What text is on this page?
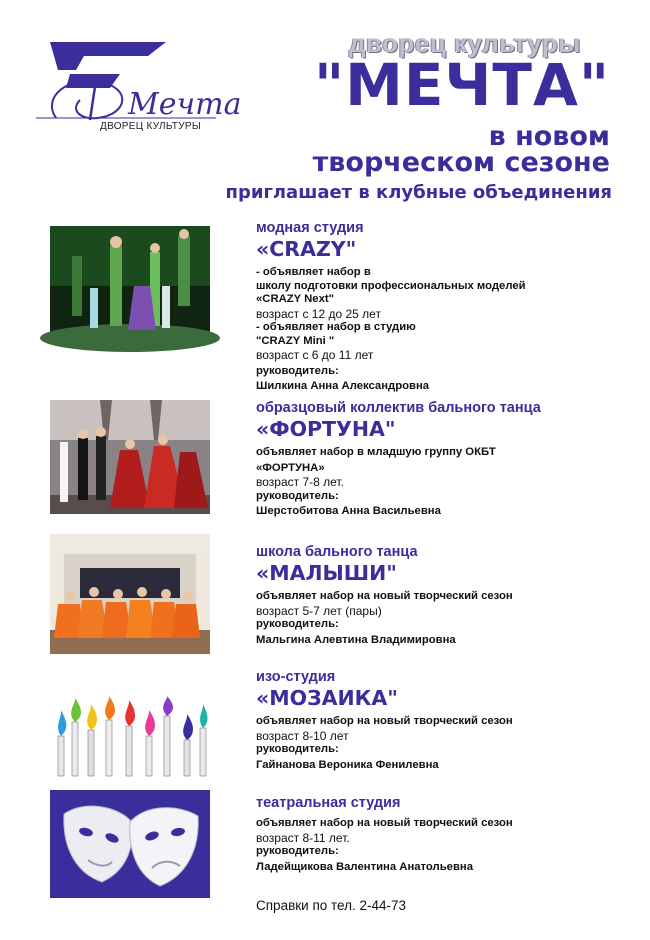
Мечта
ДВОРЕЦ КУЛЬТУРЫ
дворец культуры
"МЕЧТА"
в новом
творческом сезоне
приглашает в клубные объединения
модная студия
«CRAZY"
- объявляет набор в
школу подготовки профессиональных моделей
«CRAZY Next"
возраст с 12 до 25 лет
- объявляет набор в студию
"CRAZY Mini "
возраст с 6 до 11 лет
руководитель:
Шилкина Анна Александровна
образцовый коллектив бального танца
«ФОРТУНА"
объявляет набор в младшую группу ОКБТ
«ФОРТУНА»
возраст 7-8 лет.
руководитель:
Шерстобитова Анна Васильевна
школа бального танца
«МАЛЫШИ"
объявляет набор на новый творческий сезон
возраст 5-7 лет (пары)
руководитель:
Мальгина Алевтина Владимировна
изо-студия
«МОЗАИКА"
объявляет набор на новый творческий сезон
возраст 8-10 лет
руководитель:
Гайнанова Вероника Фенилевна
театральная студия
объявляет набор на новый творческий сезон
возраст 8-11 лет.
руководитель:
Ладейщикова Валентина Анатольевна
Справки по тел. 2-44-73
